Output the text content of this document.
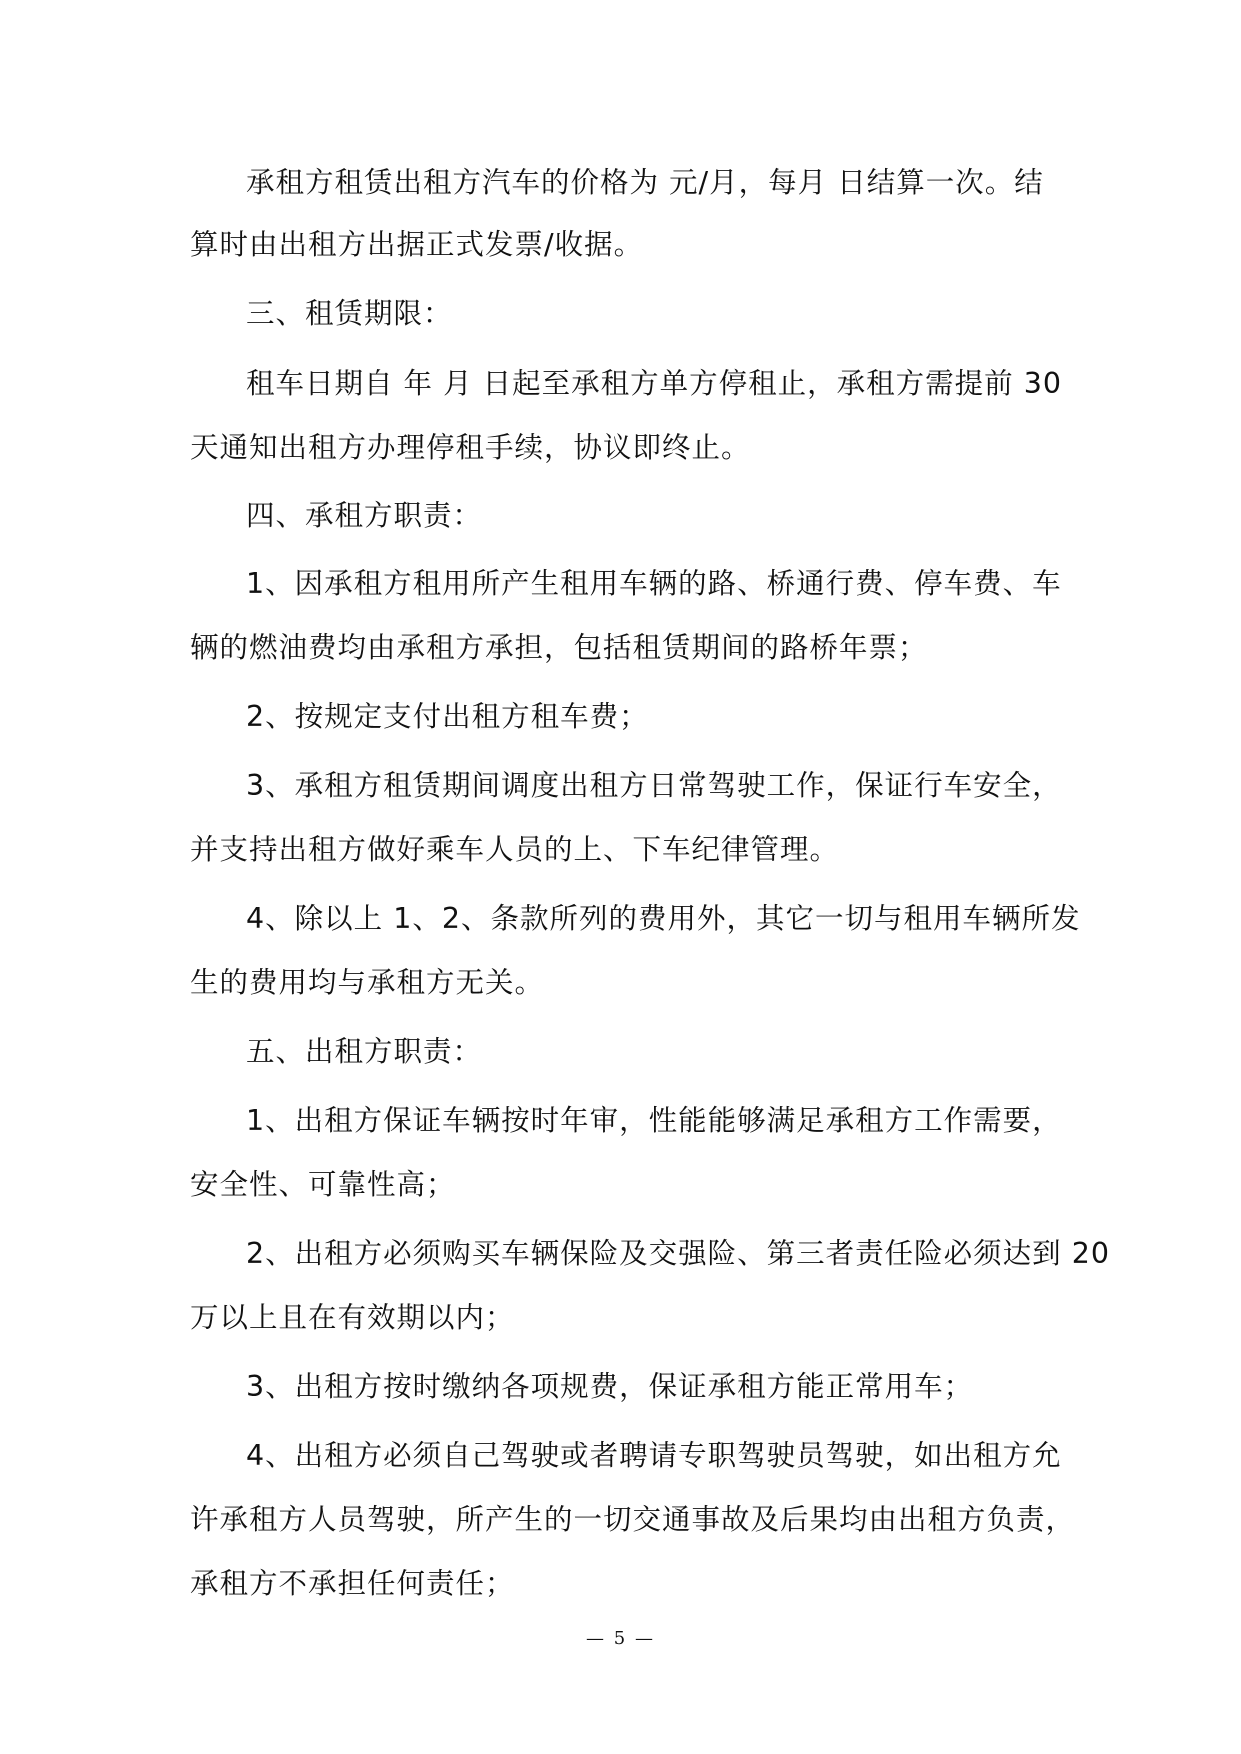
承租方租赁出租方汽车的价格为 元/月，每月 日结算一次。结
算时由出租方出据正式发票/收据。
三、租赁期限：
租车日期自 年 月 日起至承租方单方停租止，承租方需提前 30
天通知出租方办理停租手续，协议即终止。
四、承租方职责：
1、因承租方租用所产生租用车辆的路、桥通行费、停车费、车
辆的燃油费均由承租方承担，包括租赁期间的路桥年票；
2、按规定支付出租方租车费；
3、承租方租赁期间调度出租方日常驾驶工作，保证行车安全，
并支持出租方做好乘车人员的上、下车纪律管理。
4、除以上 1、2、条款所列的费用外，其它一切与租用车辆所发
生的费用均与承租方无关。
五、出租方职责：
1、出租方保证车辆按时年审，性能能够满足承租方工作需要，
安全性、可靠性高；
2、出租方必须购买车辆保险及交强险、第三者责任险必须达到 20
万以上且在有效期以内；
3、出租方按时缴纳各项规费，保证承租方能正常用车；
4、出租方必须自己驾驶或者聘请专职驾驶员驾驶，如出租方允
许承租方人员驾驶，所产生的一切交通事故及后果均由出租方负责，
承租方不承担任何责任；
— 5 —
